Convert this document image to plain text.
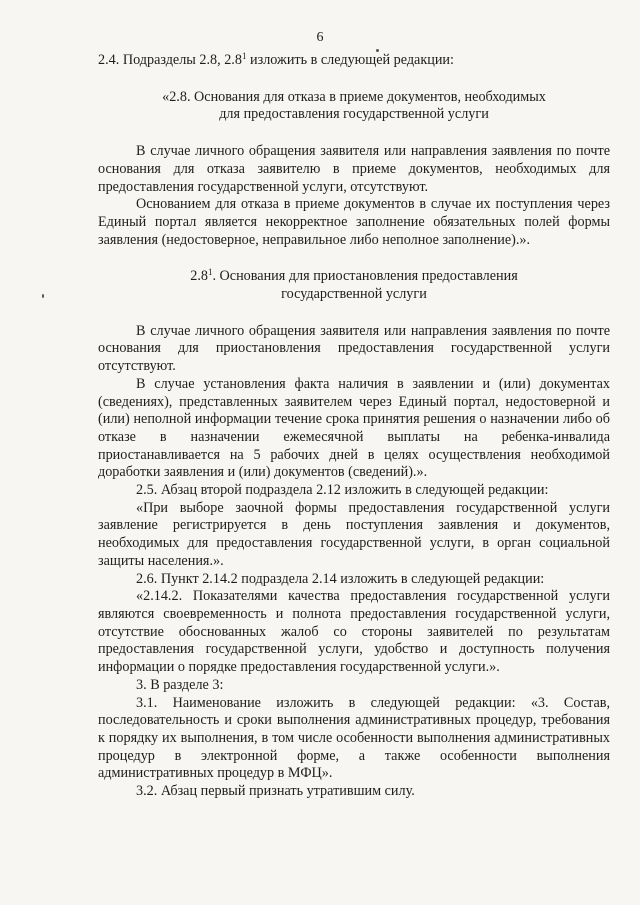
6

2.4. Подразделы 2.8, $2.8^1$ изложить в следующей редакции:

«2.8. Основания для отказа в приеме документов, необходимых для предоставления государственной услуги

В случае личного обращения заявителя или направления заявления по почте основания для отказа заявителю в приеме документов, необходимых для предоставления государственной услуги, отсутствуют.

Основанием для отказа в приеме документов в случае их поступления через Единый портал является некорректное заполнение обязательных полей формы заявления (недостоверное, неправильное либо неполное заполнение).».

$2.8^1$. Основания для приостановления предоставления государственной услуги

В случае личного обращения заявителя или направления заявления по почте основания для приостановления предоставления государственной услуги отсутствуют.

В случае установления факта наличия в заявлении и (или) документах (сведениях), представленных заявителем через Единый портал, недостоверной и (или) неполной информации течение срока принятия решения о назначении либо об отказе в назначении ежемесячной выплаты на ребенка-инвалида приостанавливается на 5 рабочих дней в целях осуществления необходимой доработки заявления и (или) документов (сведений).».

2.5. Абзац второй подраздела 2.12 изложить в следующей редакции:

«При выборе заочной формы предоставления государственной услуги заявление регистрируется в день поступления заявления и документов, необходимых для предоставления государственной услуги, в орган социальной защиты населения.».

2.6. Пункт 2.14.2 подраздела 2.14 изложить в следующей редакции:

«2.14.2. Показателями качества предоставления государственной услуги являются своевременность и полнота предоставления государственной услуги, отсутствие обоснованных жалоб со стороны заявителей по результатам предоставления государственной услуги, удобство и доступность получения информации о порядке предоставления государственной услуги.».

3. В разделе 3:

3.1. Наименование изложить в следующей редакции: «3. Состав, последовательность и сроки выполнения административных процедур, требования к порядку их выполнения, в том числе особенности выполнения административных процедур в электронной форме, а также особенности выполнения административных процедур в МФЦ».

3.2. Абзац первый признать утратившим силу.
